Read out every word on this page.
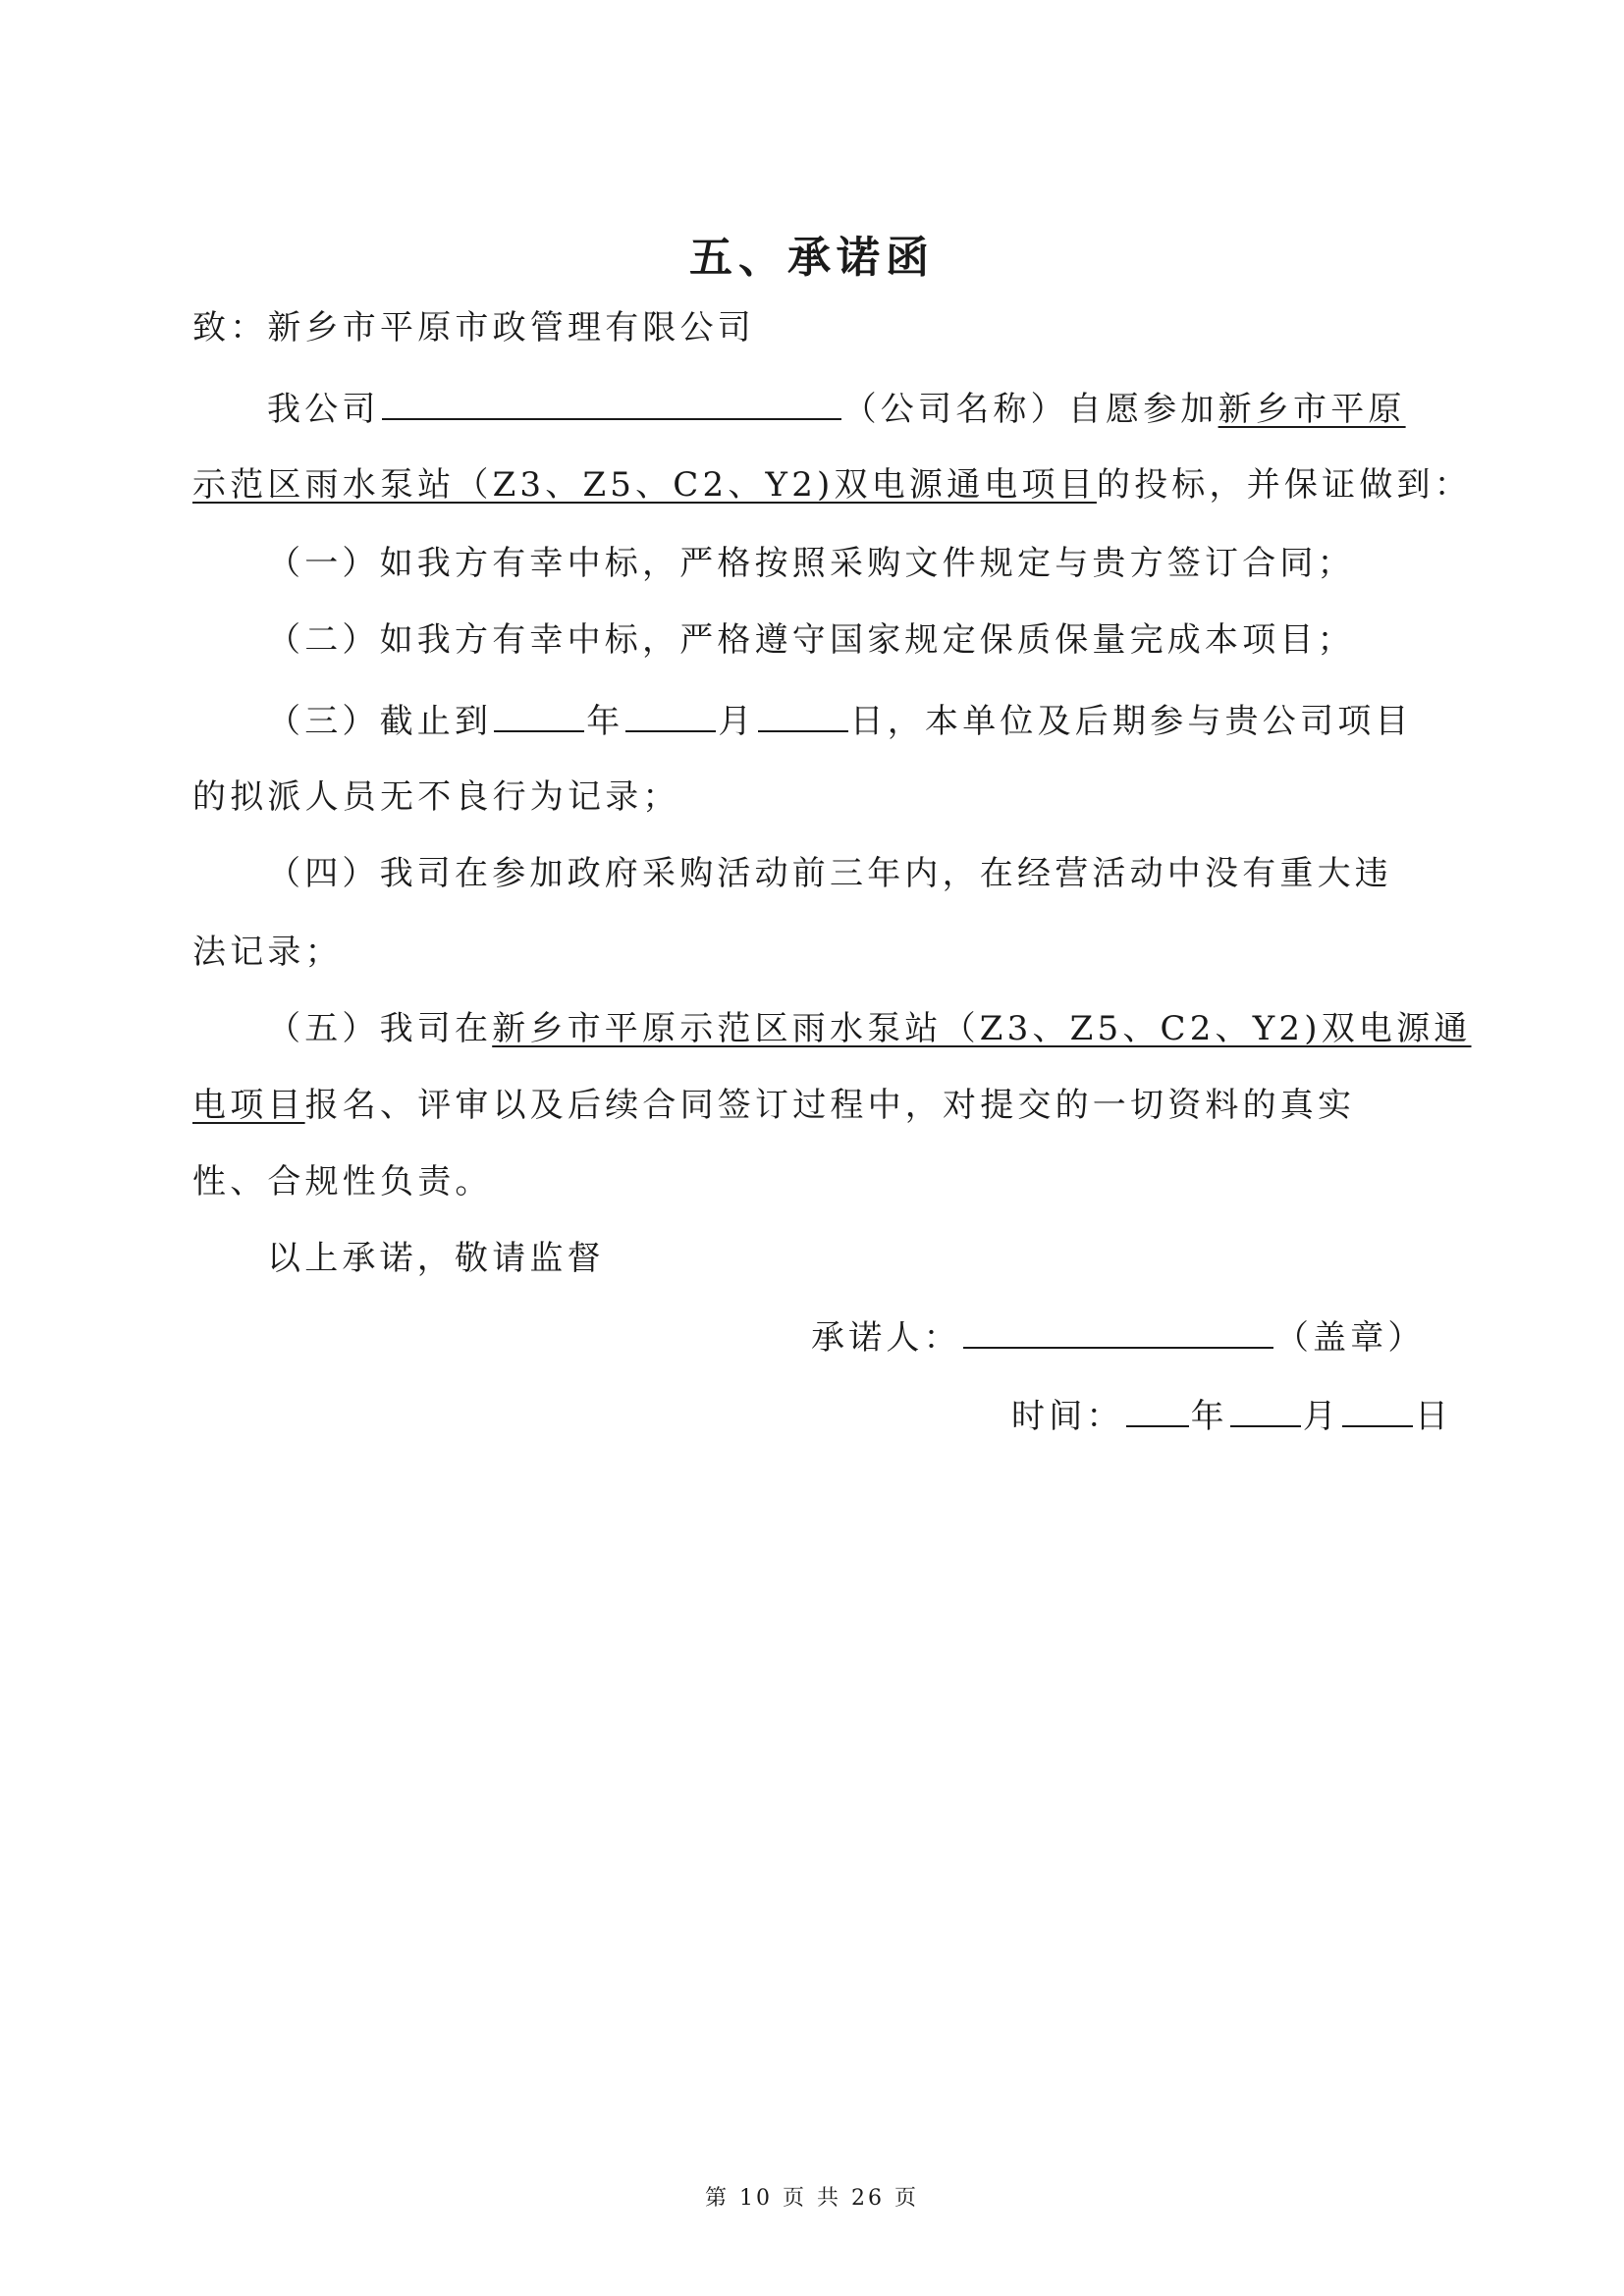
五、承诺函
致：新乡市平原市政管理有限公司
我公司	（公司名称）自愿参加新乡市平原
示范区雨水泵站（Z3、Z5、C2、Y2)双电源通电项目的投标，并保证做到：
（一）如我方有幸中标，严格按照采购文件规定与贵方签订合同；
（二）如我方有幸中标，严格遵守国家规定保质保量完成本项目；
（三）截止到	年	月	日，本单位及后期参与贵公司项目
的拟派人员无不良行为记录；
（四）我司在参加政府采购活动前三年内，在经营活动中没有重大违
法记录；
（五）我司在新乡市平原示范区雨水泵站（Z3、Z5、C2、Y2)双电源通
电项目报名、评审以及后续合同签订过程中，对提交的一切资料的真实
性、合规性负责。
以上承诺，敬请监督
承诺人：	（盖章）
时间： 年 月 日
第 10 页 共 26 页
